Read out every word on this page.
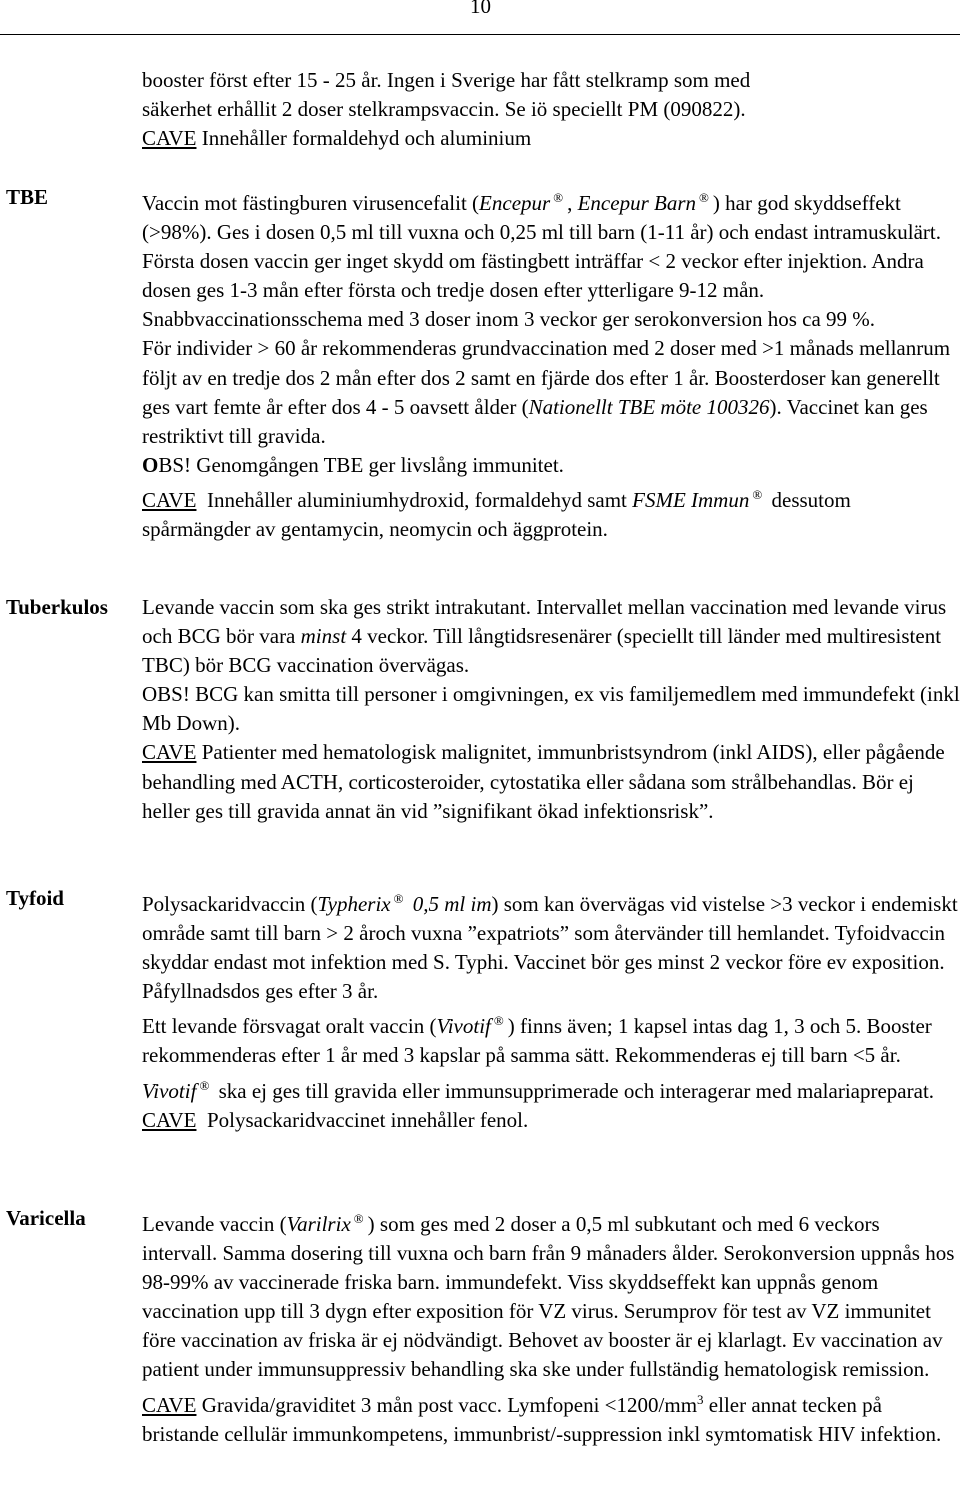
10

booster först efter 15 - 25 år. Ingen i Sverige har fått stelkramp som med

säkerhet erhållit 2 doser stelkrampsvaccin. Se iö speciellt PM (090822).

CAVE Innehåller formaldehyd och aluminium

TBE	Vaccin mot fästingburen virusencefalit (Encepur ® , Encepur Barn ® ) har god skyddseffekt (>98%). Ges i dosen 0,5 ml till vuxna och 0,25 ml till barn (1-11 år) och endast intramuskulärt. Första dosen vaccin ger inget skydd om fästingbett inträffar < 2 veckor efter injektion. Andra dosen ges 1-3 mån efter första och tredje dosen efter ytterligare 9-12 mån. Snabbvaccinationsschema med 3 doser inom 3 veckor ger serokonversion hos ca 99 %.

För individer > 60 år rekommenderas grundvaccination med 2 doser med >1 månads mellanrum följt av en tredje dos 2 mån efter dos 2 samt en fjärde dos efter 1 år. Boosterdoser kan generellt ges vart femte år efter dos 4 - 5 oavsett ålder (Nationellt TBE möte 100326). Vaccinet kan ges restriktivt till gravida.

OBS! Genomgången TBE ger livslång immunitet.

CAVE  Innehåller aluminiumhydroxid, formaldehyd samt FSME Immun ® dessutom spårmängder av gentamycin, neomycin och äggprotein.

Tuberkulos Levande vaccin som ska ges strikt intrakutant. Intervallet mellan vaccination med levande virus och BCG bör vara minst 4 veckor. Till långtidsresenärer (speciellt till länder med multiresistent TBC) bör BCG vaccination övervägas.

OBS! BCG kan smitta till personer i omgivningen, ex vis familjemedlem med immundefekt (inkl Mb Down).

CAVE Patienter med hematologisk malignitet, immunbristsyndrom (inkl AIDS), eller pågående behandling med ACTH, corticosteroider, cytostatika eller sådana som strålbehandlas. Bör ej heller ges till gravida annat än vid ”signifikant ökad infektionsrisk”.

Tyfoid	Polysackaridvaccin (Typherix ® 0,5 ml im) som kan övervägas vid vistelse >3 veckor i endemiskt område samt till barn > 2 åroch vuxna ”expatriots” som återvänder till hemlandet. Tyfoidvaccin skyddar endast mot infektion med S. Typhi. Vaccinet bör ges minst 2 veckor före ev exposition. Påfyllnadsdos ges efter 3 år.

Ett levande försvagat oralt vaccin (Vivotif ® ) finns även; 1 kapsel intas dag 1, 3 och 5. Booster rekommenderas efter 1 år med 3 kapslar på samma sätt. Rekommenderas ej till barn <5 år. Vivotif ® ska ej ges till gravida eller immunsupprimerade och interagerar med malariapreparat.

CAVE  Polysackaridvaccinet innehåller fenol.

Varicella	Levande vaccin (Varilrix ® ) som ges med 2 doser a 0,5 ml subkutant och med 6 veckors intervall. Samma dosering till vuxna och barn från 9 månaders ålder. Serokonversion uppnås hos 98-99% av vaccinerade friska barn. immundefekt. Viss skyddseffekt kan uppnås genom vaccination upp till 3 dygn efter exposition för VZ virus. Serumprov för test av VZ immunitet före vaccination av friska är ej nödvändigt. Behovet av booster är ej klarlagt. Ev vaccination av patient under immunsuppressiv behandling ska ske under fullständig hematologisk remission.

CAVE Gravida/graviditet 3 mån post vacc. Lymfopeni $<1200/mm^3$ eller annat tecken på bristande cellulär immunkompetens, immunbrist/-suppression inkl symtomatisk HIV infektion.
